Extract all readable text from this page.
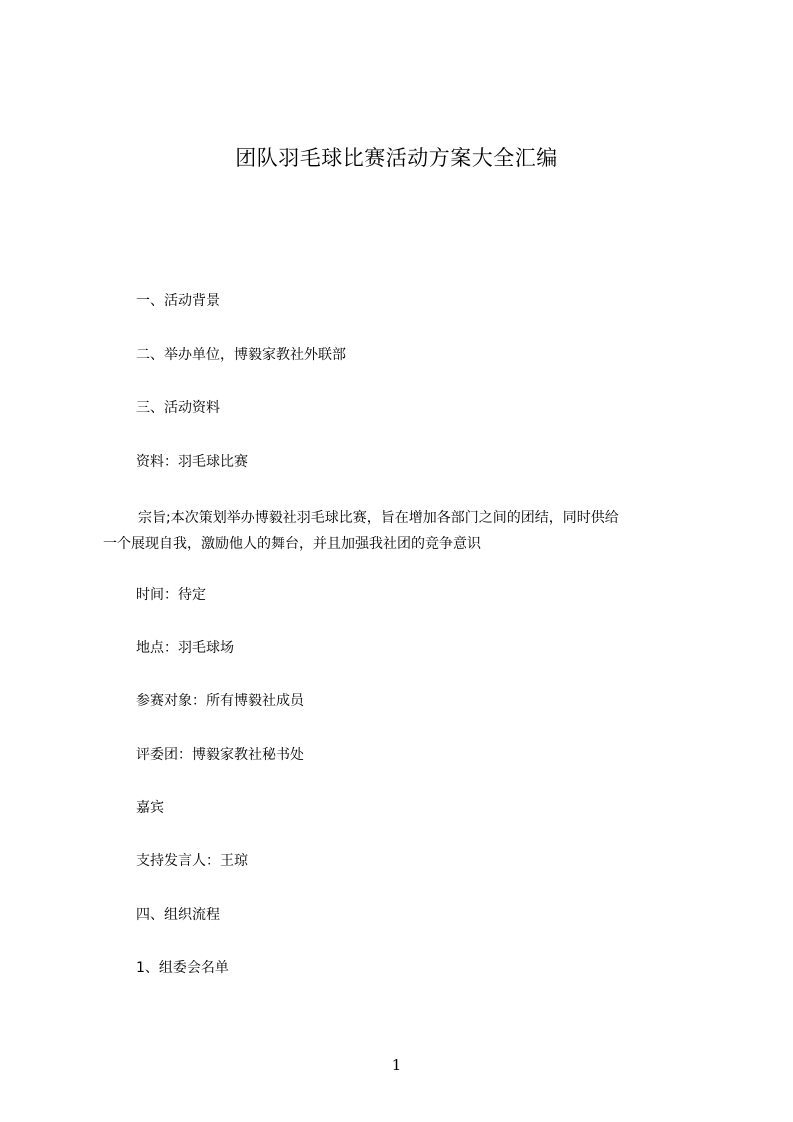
团队羽毛球比赛活动方案大全汇编
一、活动背景
二、举办单位，博毅家教社外联部
三、活动资料
资料：羽毛球比赛
宗旨;本次策划举办博毅社羽毛球比赛，旨在增加各部门之间的团结，同时供给
一个展现自我，激励他人的舞台，并且加强我社团的竞争意识
时间：待定
地点：羽毛球场
参赛对象：所有博毅社成员
评委团：博毅家教社秘书处
嘉宾
支持发言人：王琼
四、组织流程
1、组委会名单
1
